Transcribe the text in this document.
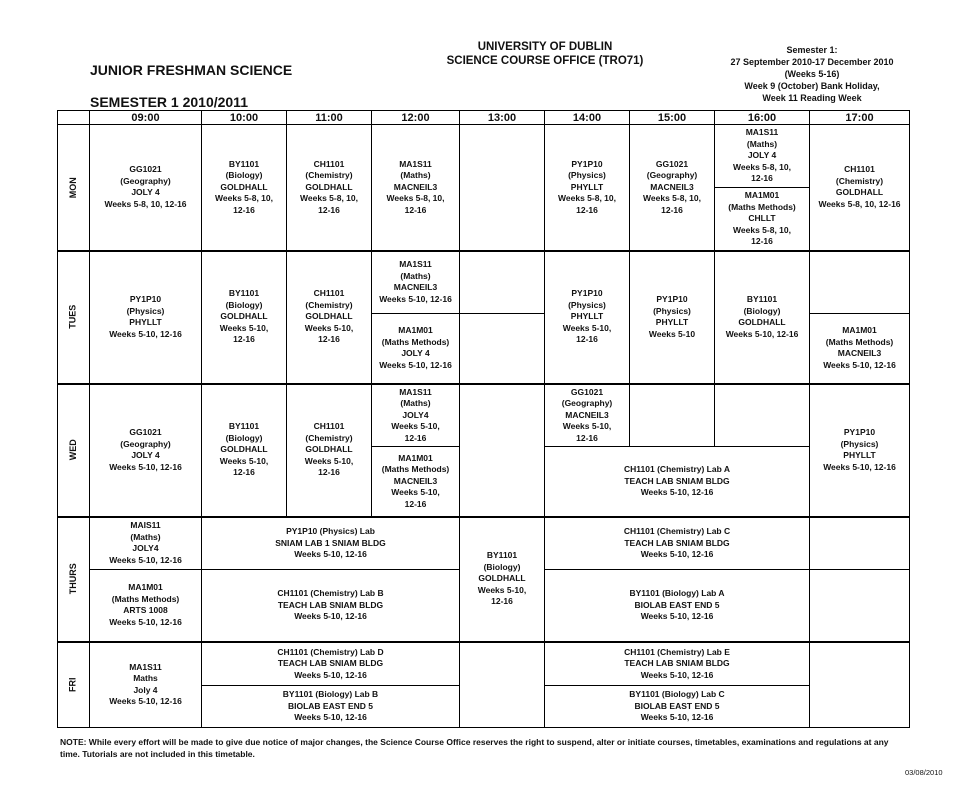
JUNIOR FRESHMAN SCIENCE
SEMESTER 1 2010/2011
UNIVERSITY OF DUBLIN
SCIENCE COURSE OFFICE (TRO71)
Semester 1:
27 September 2010-17 December 2010
(Weeks 5-16)
Week 9 (October) Bank Holiday,
Week 11 Reading Week
	09:00	10:00	11:00	12:00	13:00	14:00	15:00	16:00	17:00
MON	GG1021
(Geography)
JOLY 4
Weeks 5-8, 10, 12-16	BY1101
(Biology)
GOLDHALL
Weeks 5-8, 10,
12-16	CH1101
(Chemistry)
GOLDHALL
Weeks 5-8, 10,
12-16	MA1S11
(Maths)
MACNEIL3
Weeks 5-8, 10,
12-16		PY1P10
(Physics)
PHYLLT
Weeks 5-8, 10,
12-16	GG1021
(Geography)
MACNEIL3
Weeks 5-8, 10,
12-16	MA1S11
(Maths)
JOLY 4
Weeks 5-8, 10,
12-16	CH1101
(Chemistry)
GOLDHALL
Weeks 5-8, 10, 12-16

								MA1M01
(Maths Methods)
CHLLT
Weeks 5-8, 10,
12-16	

TUES	PY1P10
(Physics)
PHYLLT
Weeks 5-10, 12-16	BY1101
(Biology)
GOLDHALL
Weeks 5-10,
12-16	CH1101
(Chemistry)
GOLDHALL
Weeks 5-10,
12-16	MA1S11
(Maths)
MACNEIL3
Weeks 5-10, 12-16		PY1P10
(Physics)
PHYLLT
Weeks 5-10,
12-16	PY1P10
(Physics)
PHYLLT
Weeks 5-10	BY1101
(Biology)
GOLDHALL
Weeks 5-10, 12-16	

				MA1M01
(Maths Methods)
JOLY 4
Weeks 5-10, 12-16					MA1M01
(Maths Methods)
MACNEIL3
Weeks 5-10, 12-16

WED	GG1021
(Geography)
JOLY 4
Weeks 5-10, 12-16	BY1101
(Biology)
GOLDHALL
Weeks 5-10,
12-16	CH1101
(Chemistry)
GOLDHALL
Weeks 5-10,
12-16	MA1S11
(Maths)
JOLY4
Weeks 5-10,
12-16		GG1021
(Geography)
MACNEIL3
Weeks 5-10,
12-16			PY1P10
(Physics)
PHYLLT
Weeks 5-10, 12-16

				MA1M01
(Maths Methods)
MACNEIL3
Weeks 5-10,
12-16		CH1101 (Chemistry) Lab A
TEACH LAB SNIAM BLDG
Weeks 5-10, 12-16			

THURS	MAIS11
(Maths)
JOLY4
Weeks 5-10, 12-16	PY1P10 (Physics) Lab
SNIAM LAB 1 SNIAM BLDG
Weeks 5-10, 12-16			BY1101
(Biology)
GOLDHALL
Weeks 5-10,
12-16	CH1101 (Chemistry) Lab C
TEACH LAB SNIAM BLDG
Weeks 5-10, 12-16			

	MA1M01
(Maths Methods)
ARTS 1008
Weeks 5-10, 12-16	CH1101 (Chemistry) Lab B
TEACH LAB SNIAM BLDG
Weeks 5-10, 12-16				BY1101 (Biology) Lab A
BIOLAB EAST END 5
Weeks 5-10, 12-16			

FRI	MA1S11
Maths
Joly 4
Weeks 5-10, 12-16	CH1101 (Chemistry) Lab D
TEACH LAB SNIAM BLDG
Weeks 5-10, 12-16				CH1101 (Chemistry) Lab E
TEACH LAB SNIAM BLDG
Weeks 5-10, 12-16			

		BY1101 (Biology) Lab B
BIOLAB EAST END 5
Weeks 5-10, 12-16				BY1101 (Biology) Lab C
BIOLAB EAST END 5
Weeks 5-10, 12-16			
NOTE: While every effort will be made to give due notice of major changes, the Science Course Office reserves the right to suspend, alter or initiate courses, timetables, examinations and regulations at any time. Tutorials are not included in this timetable.
03/08/2010
